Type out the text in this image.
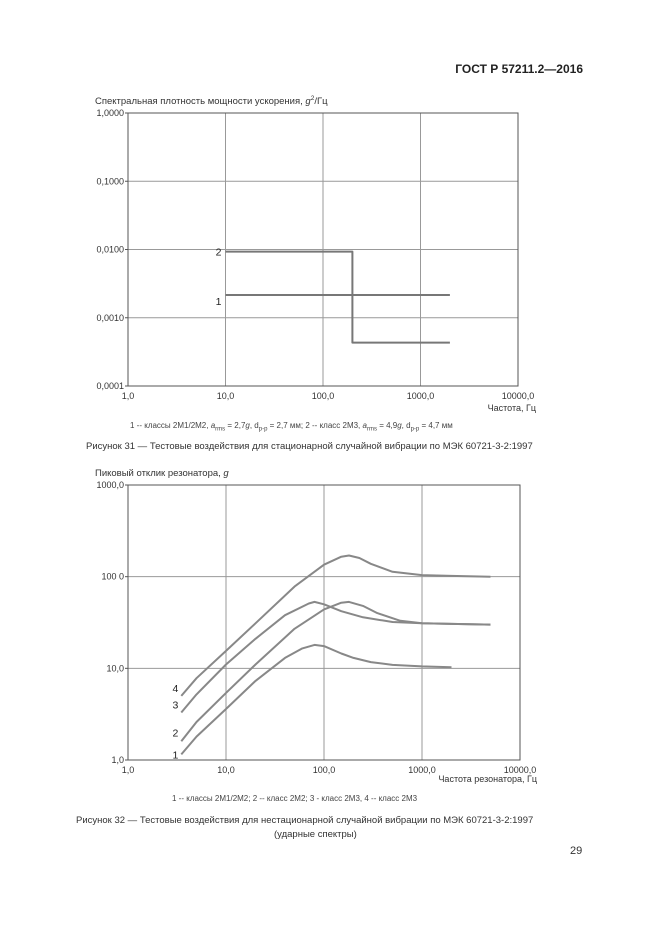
ГОСТ Р 57211.2—2016
Спектральная плотность мощности ускорения, $g^2/Гц$
1,0	10,0	100,0	1000,0	10000,0
1,0000
0,1000
0,0100
0,0010
0,0001
1
2
Частота, Гц
1 ‑‑ классы 2М1/2М2, $a_{rms} = 2,7g$, $d_{p-p} = 2,7$ мм; 2 ‑‑ класс 2М3, $a_{rms} = 4,9g$, $d_{p-p} = 4,7$ мм
Рисунок 31 — Тестовые воздействия для стационарной случайной вибрации по МЭК 60721-3-2:1997
Пиковый отклик резонатора, g
1,0	10,0	100,0	1000,0	10000,0
1000,0
100 0
10,0
1,0	1
2
3
4
Частота резонатора, Гц
1 ‑‑ классы 2М1/2М2; 2 ‑‑ класс 2М2; 3 ‑ класс 2М3, 4 ‑‑ класс 2М3
Рисунок 32 — Тестовые воздействия для нестационарной случайной вибрации по МЭК 60721-3-2:1997
(ударные спектры)
29
